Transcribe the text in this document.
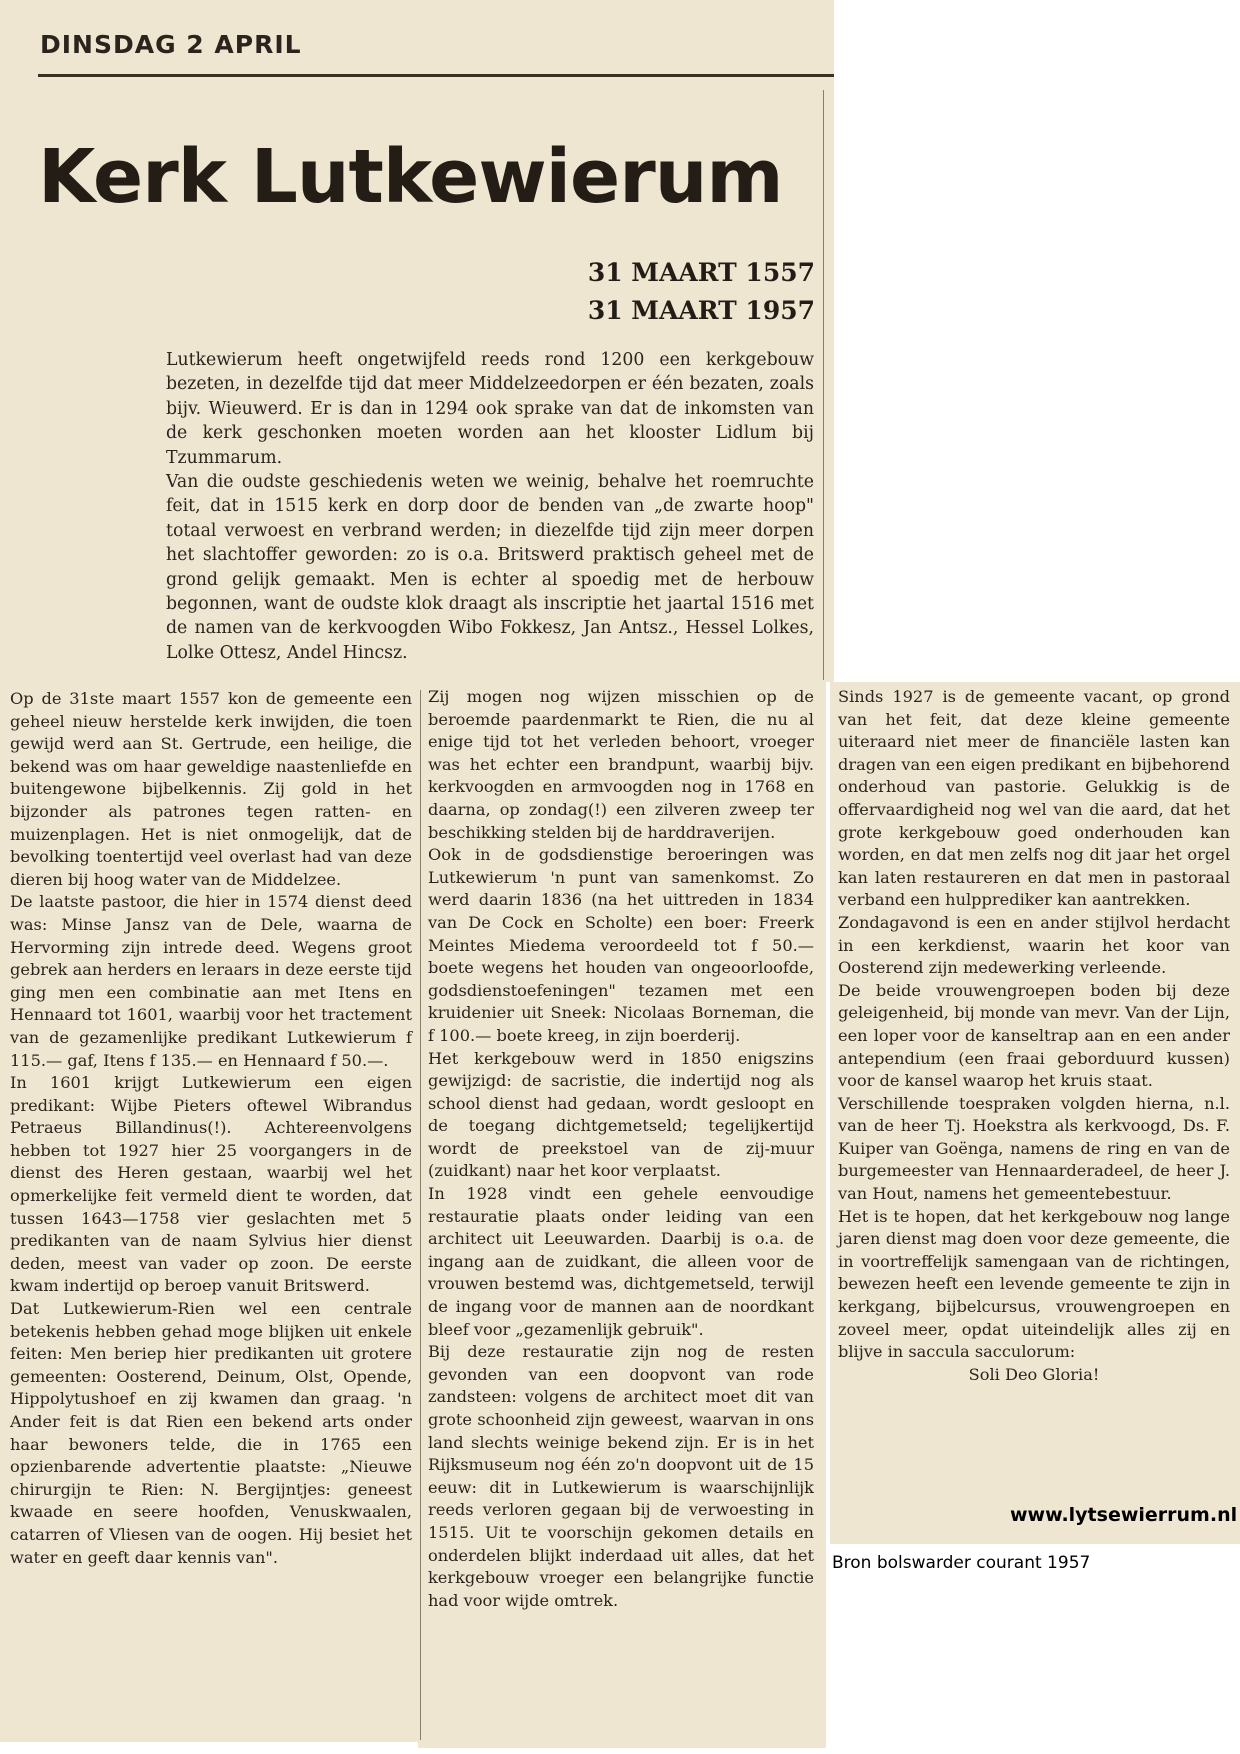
DINSDAG 2 APRIL
Kerk Lutkewierum
31 MAART 1557
31 MAART 1957

Lutkewierum heeft ongetwijfeld reeds rond 1200 een kerkgebouw bezeten, in dezelfde tijd dat meer Middelzeedorpen er één bezaten, zoals bijv. Wieuwerd. Er is dan in 1294 ook sprake van dat de inkomsten van de kerk geschonken moeten worden aan het klooster Lidlum bij Tzummarum.

Van die oudste geschiedenis weten we weinig, behalve het roemruchte feit, dat in 1515 kerk en dorp door de benden van „de zwarte hoop" totaal verwoest en verbrand werden; in diezelfde tijd zijn meer dorpen het slachtoffer geworden: zo is o.a. Britswerd praktisch geheel met de grond gelijk gemaakt. Men is echter al spoedig met de herbouw begonnen, want de oudste klok draagt als inscriptie het jaartal 1516 met de namen van de kerkvoogden Wibo Fokkesz, Jan Antsz., Hessel Lolkes, Lolke Ottesz, Andel Hincsz.

Op de 31ste maart 1557 kon de gemeente een geheel nieuw herstelde kerk inwijden, die toen gewijd werd aan St. Gertrude, een heilige, die bekend was om haar geweldige naastenliefde en buitengewone bijbelkennis. Zij gold in het bijzonder als patrones tegen ratten- en muizenplagen. Het is niet onmogelijk, dat de bevolking toentertijd veel overlast had van deze dieren bij hoog water van de Middelzee.

De laatste pastoor, die hier in 1574 dienst deed was: Minse Jansz van de Dele, waarna de Hervorming zijn intrede deed. Wegens groot gebrek aan herders en leraars in deze eerste tijd ging men een combinatie aan met Itens en Hennaard tot 1601, waarbij voor het tractement van de gezamenlijke predikant Lutkewierum f 115.— gaf, Itens f 135.— en Hennaard f 50.—.

In 1601 krijgt Lutkewierum een eigen predikant: Wijbe Pieters oftewel Wibrandus Petraeus Billandinus(!). Achtereenvolgens hebben tot 1927 hier 25 voorgangers in de dienst des Heren gestaan, waarbij wel het opmerkelijke feit vermeld dient te worden, dat tussen 1643—1758 vier geslachten met 5 predikanten van de naam Sylvius hier dienst deden, meest van vader op zoon. De eerste kwam indertijd op beroep vanuit Britswerd.

Dat Lutkewierum-Rien wel een centrale betekenis hebben gehad moge blijken uit enkele feiten: Men beriep hier predikanten uit grotere gemeenten: Oosterend, Deinum, Olst, Opende, Hippolytushoef en zij kwamen dan graag. 'n Ander feit is dat Rien een bekend arts onder haar bewoners telde, die in 1765 een opzienbarende advertentie plaatste: „Nieuwe chirurgijn te Rien: N. Bergijntjes: geneest kwaade en seere hoofden, Venuskwaalen, catarren of Vliesen van de oogen. Hij besiet het water en geeft daar kennis van".

Zij mogen nog wijzen misschien op de beroemde paardenmarkt te Rien, die nu al enige tijd tot het verleden behoort, vroeger was het echter een brandpunt, waarbij bijv. kerkvoogden en armvoogden nog in 1768 en daarna, op zondag(!) een zilveren zweep ter beschikking stelden bij de harddraverijen.

Ook in de godsdienstige beroeringen was Lutkewierum 'n punt van samenkomst. Zo werd daarin 1836 (na het uittreden in 1834 van De Cock en Scholte) een boer: Freerk Meintes Miedema veroordeeld tot f 50.— boete wegens het houden van ongeoorloofde, godsdienstoefeningen" tezamen met een kruidenier uit Sneek: Nicolaas Borneman, die f 100.— boete kreeg, in zijn boerderij.

Het kerkgebouw werd in 1850 enigszins gewijzigd: de sacristie, die indertijd nog als school dienst had gedaan, wordt gesloopt en de toegang dichtgemetseld; tegelijkertijd wordt de preekstoel van de zij-muur (zuidkant) naar het koor verplaatst.

In 1928 vindt een gehele eenvoudige restauratie plaats onder leiding van een architect uit Leeuwarden. Daarbij is o.a. de ingang aan de zuidkant, die alleen voor de vrouwen bestemd was, dichtgemetseld, terwijl de ingang voor de mannen aan de noordkant bleef voor „gezamenlijk gebruik".

Bij deze restauratie zijn nog de resten gevonden van een doopvont van rode zandsteen: volgens de architect moet dit van grote schoonheid zijn geweest, waarvan in ons land slechts weinige bekend zijn. Er is in het Rijksmuseum nog één zo'n doopvont uit de 15 eeuw: dit in Lutkewierum is waarschijnlijk reeds verloren gegaan bij de verwoesting in 1515. Uit te voorschijn gekomen details en onderdelen blijkt inderdaad uit alles, dat het kerkgebouw vroeger een belangrijke functie had voor wijde omtrek.

Sinds 1927 is de gemeente vacant, op grond van het feit, dat deze kleine gemeente uiteraard niet meer de financiële lasten kan dragen van een eigen predikant en bijbehorend onderhoud van pastorie. Gelukkig is de offervaardigheid nog wel van die aard, dat het grote kerkgebouw goed onderhouden kan worden, en dat men zelfs nog dit jaar het orgel kan laten restaureren en dat men in pastoraal verband een hulpprediker kan aantrekken.

Zondagavond is een en ander stijlvol herdacht in een kerkdienst, waarin het koor van Oosterend zijn medewerking verleende.

De beide vrouwengroepen boden bij deze geleigenheid, bij monde van mevr. Van der Lijn, een loper voor de kanseltrap aan en een ander antependium (een fraai geborduurd kussen) voor de kansel waarop het kruis staat.

Verschillende toespraken volgden hierna, n.l. van de heer Tj. Hoekstra als kerkvoogd, Ds. F. Kuiper van Goënga, namens de ring en van de burgemeester van Hennaarderadeel, de heer J. van Hout, namens het gemeentebestuur.

Het is te hopen, dat het kerkgebouw nog lange jaren dienst mag doen voor deze gemeente, die in voortreffelijk samengaan van de richtingen, bewezen heeft een levende gemeente te zijn in kerkgang, bijbelcursus, vrouwengroepen en zoveel meer, opdat uiteindelijk alles zij en blijve in saccula sacculorum:

Soli Deo Gloria!

www.lytsewierrum.nl
Bron bolswarder courant 1957
